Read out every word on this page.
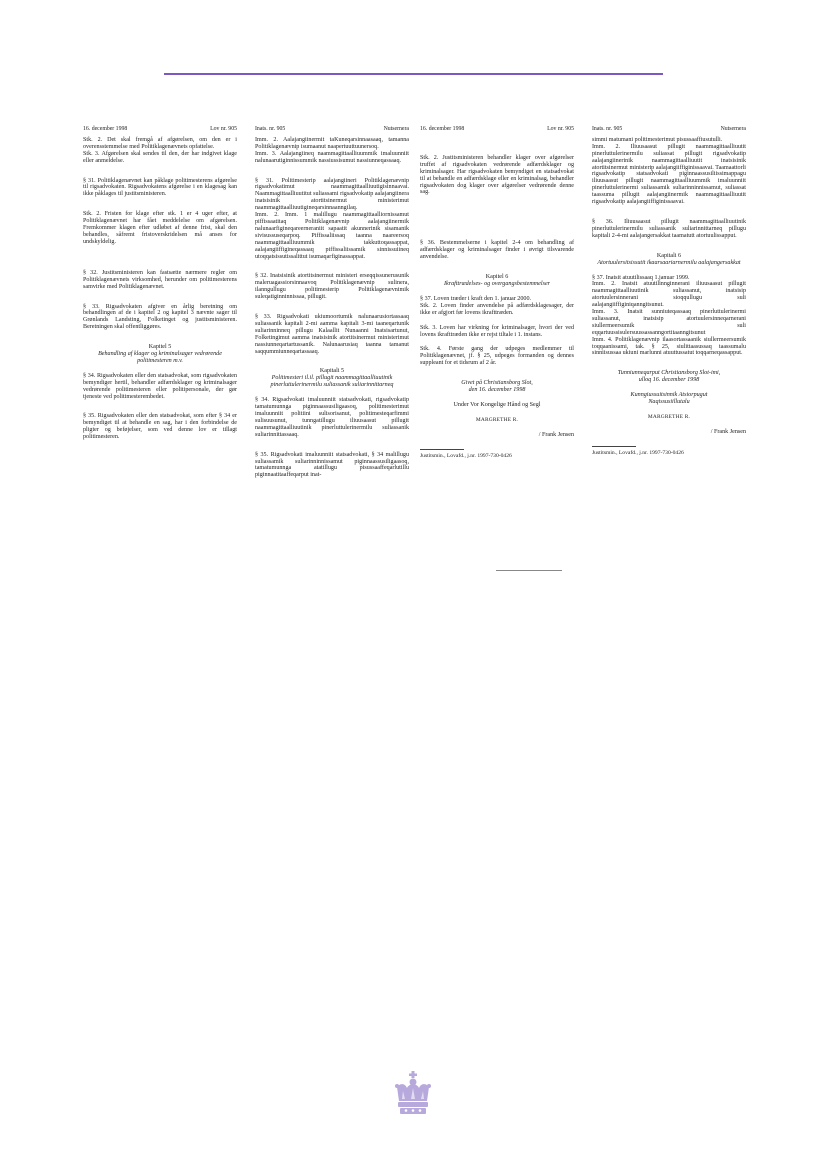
16. december 1998	Lov nr. 905

Stk. 2. Det skal fremgå af afgørelsen, om den er i overensstemmelse med Politiklagenævnets opfattelse.

Stk. 3. Afgørelsen skal sendes til den, der har indgivet klage eller anmeldelse.

§ 31. Politiklagenævnet kan påklage politimesterens afgørelse til rigsadvokaten. Rigsadvokatens afgørelse i en klagesag kan ikke påklages til justitsministeren.

Stk. 2. Fristen for klage efter stk. 1 er 4 uger efter, at Politiklagenævnet har fået meddelelse om afgørelsen. Fremkommer klagen efter udløbet af denne frist, skal den behandles, såfremt fristoverskridelsen må anses for undskyldelig.

§ 32. Justitsministeren kan fastsætte nærmere regler om Politiklagenævnets virksomhed, herunder om politimesterens samvirke med Politiklagenævnet.

§ 33. Rigsadvokaten afgiver en årlig beretning om behandlingen af de i kapitel 2 og kapitel 3 nævnte sager til Grønlands Landsting, Folketinget og justitsministeren. Beretningen skal offentliggøres.

Kapitel 5

Behandling af klager og kriminalsager vedrørende politimesteren m.v.

§ 34. Rigsadvokaten eller den statsadvokat, som rigsadvokaten bemyndiger hertil, behandler adfærdsklager og kriminalsager vedrørende politimesteren eller politipersonale, der gør tjeneste ved politimesterembedet.

§ 35. Rigsadvokaten eller den statsadvokat, som efter § 34 er bemyndiget til at behandle en sag, har i den forbindelse de pligter og beføjelser, som ved denne lov er tillagt politimesteren.

Inats. nr. 905	Nutsernera

Imm. 2. Aalajangiinermit taKuneqarsinnaasaaq, tamanna Politiklagenævnip isumaanut naapertuuttuunersoq.

Imm. 3. Aalajangiineq naammagittaalliuummik imaluunniit nalunaarutiginnissummik nassiussisumut nassiunneqassaaq.

§ 31. Politimesterip aalajangiineri Politiklagenævnip rigsadvokatimut naammagittaalliuutigisinnaavai. Naammagittaalliuutitut suliassami rigsadvokatip aalajangiinera inatsisinik atortitsinermut ministerimut naammagittaalliuutigineqarsinnaanngilaq.

Imm. 2. Imm. 1 malillugu naammagittaalliornissamut piffissaatitaq Politiklagenævnip aalajangiinermik nalunaarfigineqareerneraniit sapaatit akunnerinik sisamanik sivisussuseqarpoq. Piffissaliissaq taanna naareersoq naammagittaalliuummik takkuttoqassappat, aalajangiiffigineqassaaq piffissaliissamik sinnissuiineq utoqqatsissutissalittut isumaqarfiginassappat.

§ 32. Inatsisinik atortitsinermut ministeri erseqqissunerusunik maleruagassiorsinnaavoq Politiklagenævnip sulinera, ilanngullugu politimesterip Politiklagenævnimik suleqatiginninnissaa, pillugit.

§ 33. Rigsadvokati ukiumoortumik nalunaarusiortassaaq suliassanik kapitali 2-mi aamma kapitali 3-mi taaneqartunik suliarinninneq pillugu Kalaallit Nunaanni Inatsisartunut, Folketingimut aamma inatsisinik atortitsinermut ministerimut nassiunneqartartussanik. Nalunaarusiaq taanna tamanut saqqummiunneqartassaaq.

Kapitali 5

Politimesteri il.il. pillugit naammagittaalliuutinik pinerluttulerinermilu suliassanik suliarinnittarneq

§ 34. Rigsadvokati imaluunniit statsadvokati, rigsadvokatip tamatumunnga piginnaassusiligaasoq, politimesterimut imaluunniit politiini sulisorisanut, politimesteqarfimmi sulisuusunut, tunngatillugu iliuusaasut pillugit naammagittaalliuutinik pinerluttulerinermilu suliassanik suliarinnittassaaq.

§ 35. Rigsadvokati imaluunniit statsadvokati, § 34 malillugu suliassamik suliarinninnissamut piginnaassusiligaasoq, tamatumunnga atatillugu pisussaaffeqarlutillu piginnaatitaaffeqarput inat-

16. december 1998	Lov nr. 905

Stk. 2. Justitsministeren behandler klager over afgørelser truffet af rigsadvokaten vedrørende adfærdsklager og kriminalsager. Har rigsadvokaten bemyndiget en statsadvokat til at behandle en adfærdsklage eller en kriminalsag, behandler rigsadvokaten dog klager over afgørelser vedrørende denne sag.

§ 36. Bestemmelserne i kapitel 2-4 om behandling af adfærdsklager og kriminalsager finder i øvrigt tilsvarende anvendelse.

Kapitel 6

Ikrafttrædelses- og overgangsbestemmelser

§ 37. Loven træder i kraft den 1. januar 2000.

Stk. 2. Loven finder anvendelse på adfærdsklagesager, der ikke er afgjort før lovens ikrafttræden.

Stk. 3. Loven har virkning for kriminalsager, hvori der ved lovens ikrafttræden ikke er rejst tiltale i 1. instans.

Stk. 4. Første gang der udpeges medlemmer til Politiklagenævnet, jf. § 25, udpeges formanden og dennes suppleant for et tidsrum af 2 år.

Givet på Christiansborg Slot,

den 16. december 1998

Under Vor Kongelige Hånd og Segl

MARGRETHE R.

/ Frank Jensen

Justitsmin., Lovafd., j.nr. 1997-730-0426
Inats. nr. 905	Nutsernera

simmi matumani politimesterimut pisussaaffiusutulli.

Imm. 2. Iliuusaasut pillugit naammagittaalliuutit pinerluttulerinermilu suliassat pillugit rigsadvokatip aalajangiinerinik naammagittaalliuutit inatsisinik atortitsinermut ministerip aalajangiiffiginissaavai. Taamaattorli rigsadvokatip statsadvokati piginnaassusiliissimappagu iliuusaasut pillugit naammagittaalliuummik imaluunniit pinerluttulerinermi suliassamik suliarinninnissamut, suliassat taassuma pillugit aalajangiinermik naammagittaalliuutit rigsadvokatip aalajangiiffiginissaavai.

§ 36. Iliuusaasut pillugit naammagittaalliuutinik pinerluttulerinermilu suliassanik suliarinnittarneq pillugu kapitali 2-4-mi aalajangersakkat taamatutt atortuulissapput.

Kapitali 6

Atortuulersitsissutit ikaarsaariarnermilu aalajangersakkat

§ 37. Inatsit atuutilissaaq 1.januar 1999.

Imm. 2. Inatsit atuutilinnginnerani iliuusaasut pillugit naammagittaalliuutinik suliassanut, inatsisip atortuulersinnerani sioqqullugu suli aalajangiiffiginiqanngitsunut.

Imm. 3. Inatsit sunniuteqassaaq pinerluttulerinermi suliassanut, inatsisip atortuulersinneqarnerani siullermeersumik suli eqqartuussisulersuussassanngortitaanngitsunut

Imm. 4. Politiklagenævnip ilaasortassaanik siullermeersumik toqqaanissami, tak. § 25, siulittaasussaq taassumalu sinniisussaa ukiuni marlunni atuuttussatut toqqarneqassapput.

Tunniunneqarput Christiansborg Slot-imi,

ulloq 16. december 1998

Kunngiussuitsinnik Atsiorpugut

Naqissusiillutalu

MARGRETHE R.

/ Frank Jensen

Justitsmin., Lovafd., j.nr. 1997-730-0426
